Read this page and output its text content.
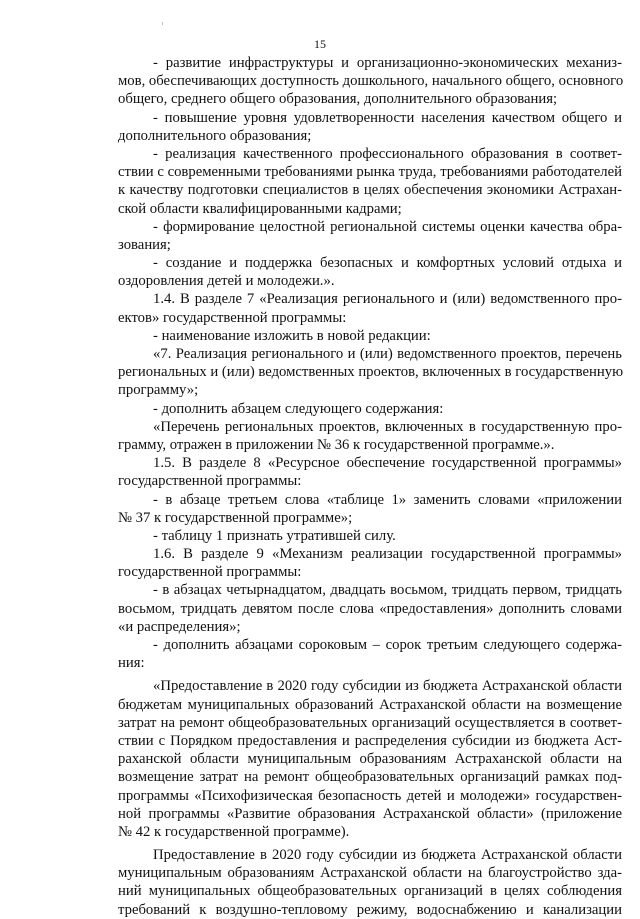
15
- развитие инфраструктуры и организационно-экономических механиз-
мов, обеспечивающих доступность дошкольного, начального общего, основного
общего, среднего общего образования, дополнительного образования;
- повышение уровня удовлетворенности населения качеством общего и
дополнительного образования;
- реализация качественного профессионального образования в соответ-
ствии с современными требованиями рынка труда, требованиями работодателей
к качеству подготовки специалистов в целях обеспечения экономики Астрахан-
ской области квалифицированными кадрами;
- формирование целостной региональной системы оценки качества обра-
зования;
- создание и поддержка безопасных и комфортных условий отдыха и
оздоровления детей и молодежи.».
1.4. В разделе 7 «Реализация регионального и (или) ведомственного про-
ектов» государственной программы:
- наименование изложить в новой редакции:
«7. Реализация регионального и (или) ведомственного проектов, перечень
региональных и (или) ведомственных проектов, включенных в государственную
программу»;
- дополнить абзацем следующего содержания:
«Перечень региональных проектов, включенных в государственную про-
грамму, отражен в приложении № 36 к государственной программе.».
1.5. В разделе 8 «Ресурсное обеспечение государственной программы»
государственной программы:
- в абзаце третьем слова «таблице 1» заменить словами «приложении
№ 37 к государственной программе»;
- таблицу 1 признать утратившей силу.
1.6. В разделе 9 «Механизм реализации государственной программы»
государственной программы:
- в абзацах четырнадцатом, двадцать восьмом, тридцать первом, тридцать
восьмом, тридцать девятом после слова «предоставления» дополнить словами
«и распределения»;
- дополнить абзацами сороковым – сорок третьим следующего содержа-
ния:
«Предоставление в 2020 году субсидии из бюджета Астраханской области
бюджетам муниципальных образований Астраханской области на возмещение
затрат на ремонт общеобразовательных организаций осуществляется в соответ-
ствии с Порядком предоставления и распределения субсидии из бюджета Аст-
раханской области муниципальным образованиям Астраханской области на
возмещение затрат на ремонт общеобразовательных организаций рамках под-
программы «Психофизическая безопасность детей и молодежи» государствен-
ной программы «Развитие образования Астраханской области» (приложение
№ 42 к государственной программе).
Предоставление в 2020 году субсидии из бюджета Астраханской области
муниципальным образованиям Астраханской области на благоустройство зда-
ний муниципальных общеобразовательных организаций в целях соблюдения
требований к воздушно-тепловому режиму, водоснабжению и канализации
